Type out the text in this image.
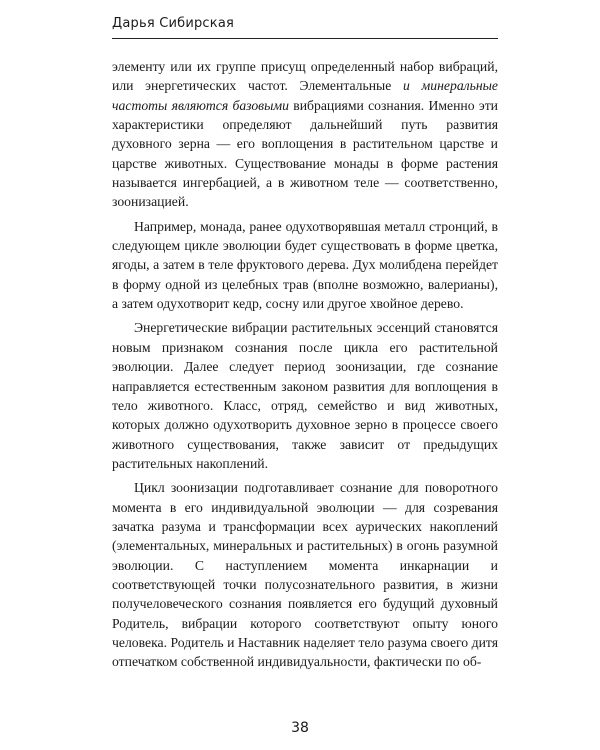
Дарья Сибирская

элементу или их группе присущ определенный набор вибраций, или энергетических частот. Элементальные и минеральные частоты являются базовыми вибрациями сознания. Именно эти характеристики определяют дальнейший путь развития духовного зерна — его воплощения в растительном царстве и царстве животных. Существование монады в форме растения называется ингербацией, а в животном теле — соответственно, зоонизацией.

Например, монада, ранее одухотворявшая металл стронций, в следующем цикле эволюции будет существовать в форме цветка, ягоды, а затем в теле фруктового дерева. Дух молибдена перейдет в форму одной из целебных трав (вполне возможно, валерианы), а затем одухотворит кедр, сосну или другое хвойное дерево.

Энергетические вибрации растительных эссенций становятся новым признаком сознания после цикла его растительной эволюции. Далее следует период зоонизации, где сознание направляется естественным законом развития для воплощения в тело животного. Класс, отряд, семейство и вид животных, которых должно одухотворить духовное зерно в процессе своего животного существования, также зависит от предыдущих растительных накоплений.

Цикл зоонизации подготавливает сознание для поворотного момента в его индивидуальной эволюции — для созревания зачатка разума и трансформации всех аурических накоплений (элементальных, минеральных и растительных) в огонь разумной эволюции. С наступлением момента инкарнации и соответствующей точки полусознательного развития, в жизни получеловеческого сознания появляется его будущий духовный Родитель, вибрации которого соответствуют опыту юного человека. Родитель и Наставник наделяет тело разума своего дитя отпечатком собственной индивидуальности, фактически по об-

38
